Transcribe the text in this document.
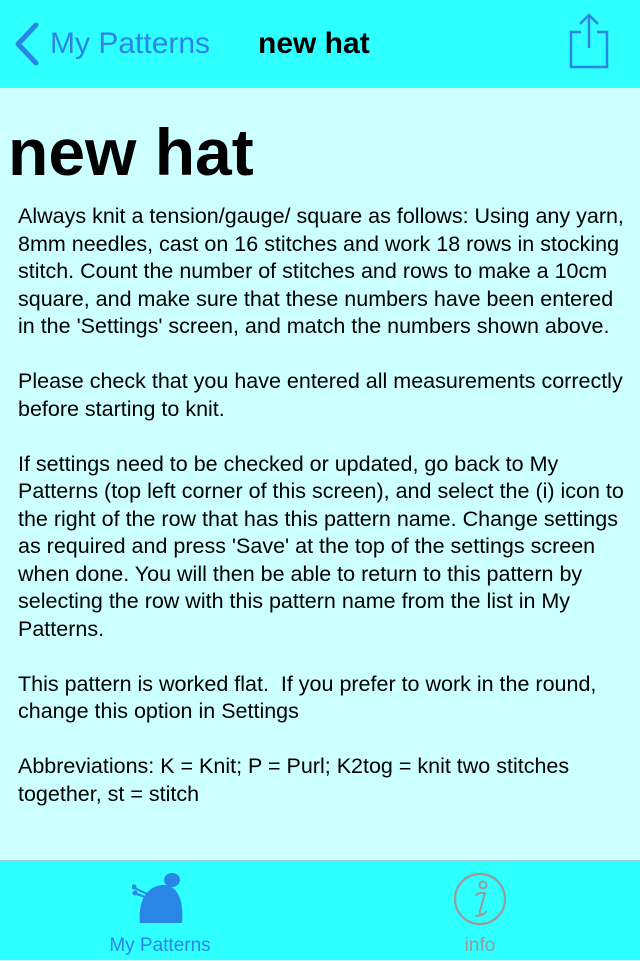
My Patterns new hat
new hat

Always knit a tension/gauge/ square as follows: Using any yarn, 8mm needles, cast on 16 stitches and work 18 rows in stocking stitch. Count the number of stitches and rows to make a 10cm square, and make sure that these numbers have been entered in the 'Settings' screen, and match the numbers shown above.

Please check that you have entered all measurements correctly before starting to knit.

If settings need to be checked or updated, go back to My Patterns (top left corner of this screen), and select the (i) icon to the right of the row that has this pattern name. Change settings as required and press 'Save' at the top of the settings screen when done. You will then be able to return to this pattern by selecting the row with this pattern name from the list in My Patterns.

This pattern is worked flat.  If you prefer to work in the round, change this option in Settings

Abbreviations: K = Knit; P = Purl; K2tog = knit two stitches together, st = stitch

My Patterns	info
